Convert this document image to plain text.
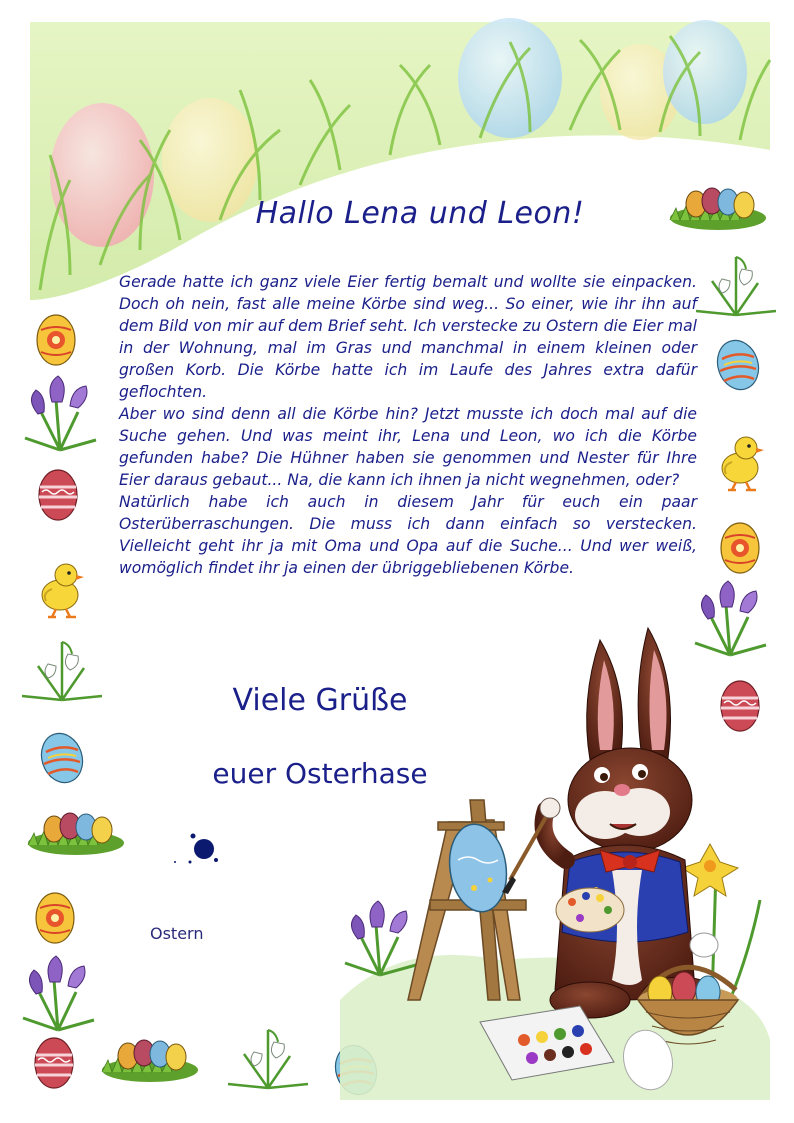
Hallo Lena und Leon!

Gerade hatte ich ganz viele Eier fertig bemalt und wollte sie einpacken. Doch oh nein, fast alle meine Körbe sind weg... So einer, wie ihr ihn auf dem Bild von mir auf dem Brief seht. Ich verstecke zu Ostern die Eier mal in der Wohnung, mal im Gras und manchmal in einem kleinen oder großen Korb. Die Körbe hatte ich im Laufe des Jahres extra dafür geflochten.

Aber wo sind denn all die Körbe hin? Jetzt musste ich doch mal auf die Suche gehen. Und was meint ihr, Lena und Leon, wo ich die Körbe gefunden habe? Die Hühner haben sie genommen und Nester für Ihre Eier daraus gebaut... Na, die kann ich ihnen ja nicht wegnehmen, oder?

Natürlich habe ich auch in diesem Jahr für euch ein paar Osterüberraschungen. Die muss ich dann einfach so verstecken. Vielleicht geht ihr ja mit Oma und Opa auf die Suche... Und wer weiß, womöglich findet ihr ja einen der übriggebliebenen Körbe.

Viele Grüße
euer Osterhase
Ostern
